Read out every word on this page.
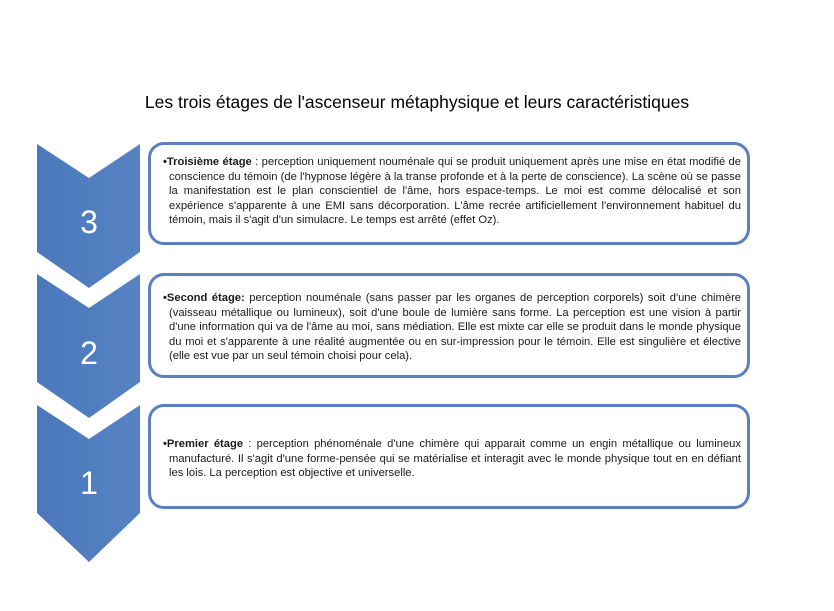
Les trois étages de l'ascenseur métaphysique et leurs caractéristiques
3
2
1

•Troisième étage : perception uniquement nouménale qui se produit uniquement après une mise en état modifié de conscience du témoin (de l'hypnose légère à la transe profonde et à la perte de conscience). La scène où se passe la manifestation est le plan conscientiel de l'âme, hors espace-temps. Le moi est comme délocalisé et son expérience s'apparente à une EMI sans décorporation. L'âme recrée artificiellement l'environnement habituel du témoin, mais il s'agit d'un simulacre. Le temps est arrêté (effet Oz).

•Second étage: perception nouménale (sans passer par les organes de perception corporels) soit d'une chimère (vaisseau métallique ou lumineux), soit d'une boule de lumière sans forme. La perception est une vision à partir d'une information qui va de l'âme au moi, sans médiation. Elle est mixte car elle se produit dans le monde physique du moi et s'apparente à une réalité augmentée ou en sur-impression pour le témoin. Elle est singulière et élective (elle est vue par un seul témoin choisi pour cela).

•Premier étage : perception phénoménale d'une chimère qui apparait comme un engin métallique ou lumineux manufacturé. Il s'agit d'une forme-pensée qui se matérialise et interagit avec le monde physique tout en en défiant les lois. La perception est objective et universelle.
